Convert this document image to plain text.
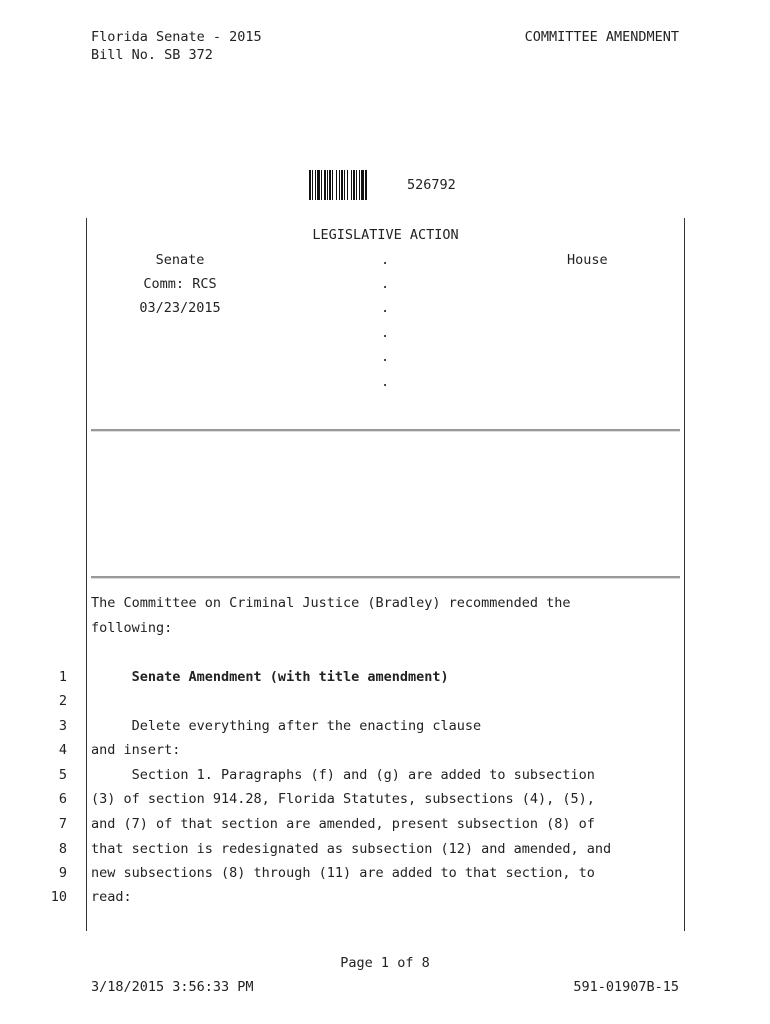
Florida Senate - 2015
Bill No. SB 372
COMMITTEE AMENDMENT
526792
LEGISLATIVE ACTION
Senate
Comm: RCS
03/23/2015
House
.
.
.
.
.
.
The Committee on Criminal Justice (Bradley) recommended the
following:
1 Senate Amendment (with title amendment)
2
3 Delete everything after the enacting clause
4 and insert:
5 Section 1. Paragraphs (f) and (g) are added to subsection
6 (3) of section 914.28, Florida Statutes, subsections (4), (5),
7 and (7) of that section are amended, present subsection (8) of
8 that section is redesignated as subsection (12) and amended, and
9 new subsections (8) through (11) are added to that section, to
10 read:
Page 1 of 8
3/18/2015 3:56:33 PM	591-01907B-15
